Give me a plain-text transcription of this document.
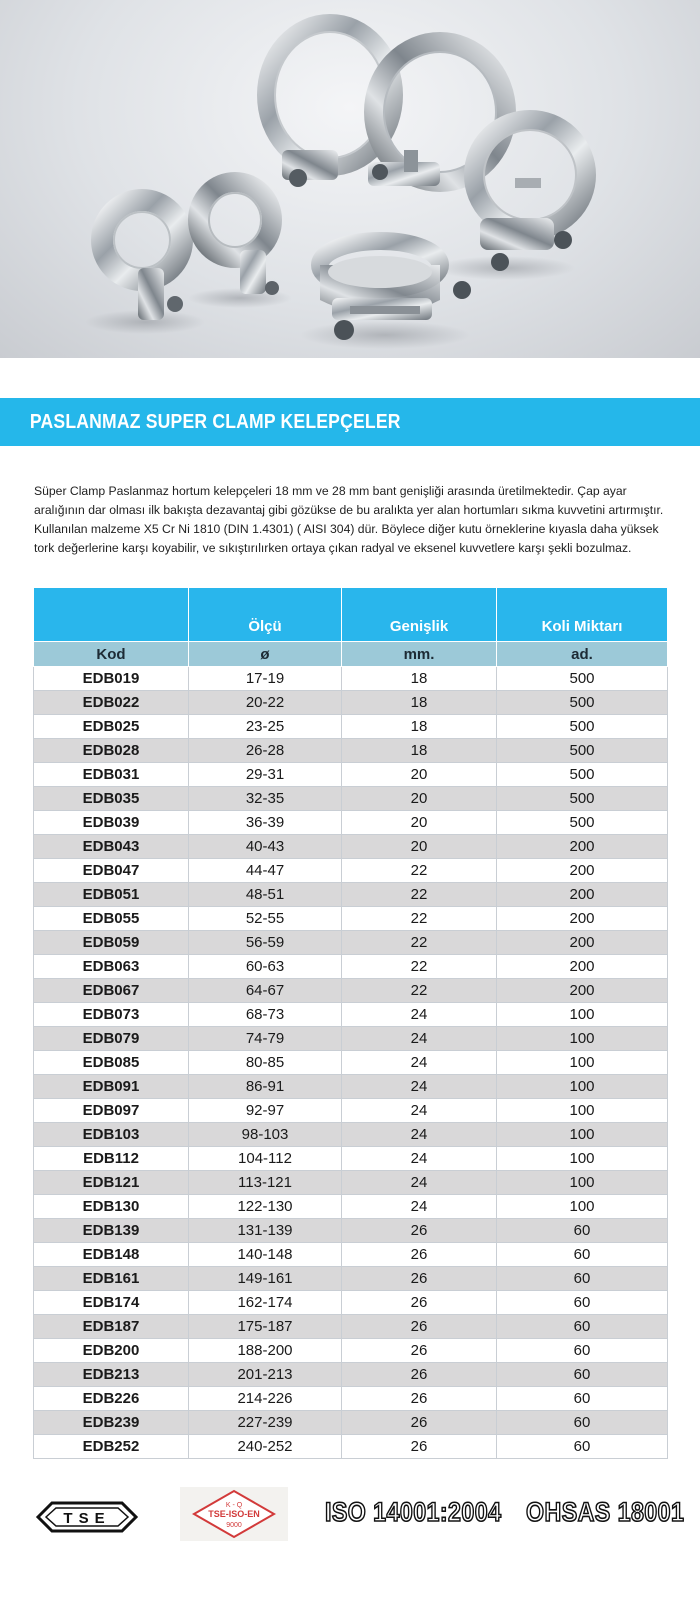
PASLANMAZ SUPER CLAMP KELEPÇELER

Süper Clamp Paslanmaz hortum kelepçeleri 18 mm ve 28 mm bant genişliği arasında üretilmektedir. Çap ayar aralığının dar olması ilk bakışta dezavantaj gibi gözükse de bu aralıkta yer alan hortumları sıkma kuvvetini artırmıştır. Kullanılan malzeme X5 Cr Ni 1810 (DIN 1.4301) ( AISI 304) dür. Böylece diğer kutu örneklerine kıyasla daha yüksek tork değerlerine karşı koyabilir, ve sıkıştırılırken ortaya çıkan radyal ve eksenel kuvvetlere karşı şekli bozulmaz.

	Ölçü	Genişlik	Koli Miktarı
Kod	ø	mm.	ad.
EDB019	17-19	18	500
EDB022	20-22	18	500
EDB025	23-25	18	500
EDB028	26-28	18	500
EDB031	29-31	20	500
EDB035	32-35	20	500
EDB039	36-39	20	500
EDB043	40-43	20	200
EDB047	44-47	22	200
EDB051	48-51	22	200
EDB055	52-55	22	200
EDB059	56-59	22	200
EDB063	60-63	22	200
EDB067	64-67	22	200
EDB073	68-73	24	100
EDB079	74-79	24	100
EDB085	80-85	24	100
EDB091	86-91	24	100
EDB097	92-97	24	100
EDB103	98-103	24	100
EDB112	104-112	24	100
EDB121	113-121	24	100
EDB130	122-130	24	100
EDB139	131-139	26	60
EDB148	140-148	26	60
EDB161	149-161	26	60
EDB174	162-174	26	60
EDB187	175-187	26	60
EDB200	188-200	26	60
EDB213	201-213	26	60
EDB226	214-226	26	60
EDB239	227-239	26	60
EDB252	240-252	26	60
TSE
K - Q
TSE-ISO-EN
9000	ISO 14001:2004 OHSAS 18001
